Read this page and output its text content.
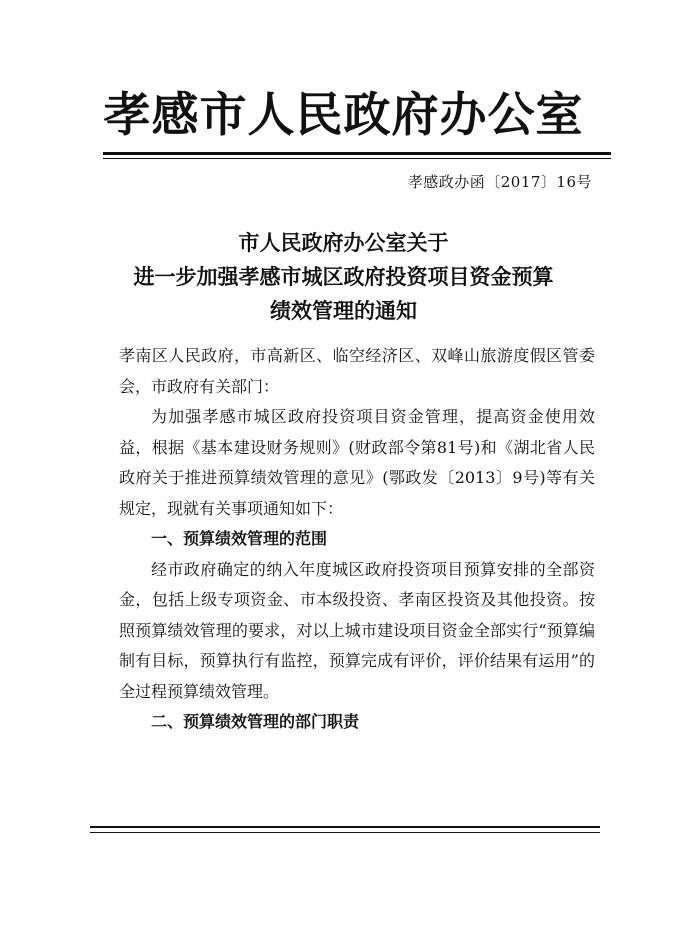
孝感市人民政府办公室
孝感政办函〔2017〕16号
市人民政府办公室关于
进一步加强孝感市城区政府投资项目资金预算
绩效管理的通知

孝南区人民政府，市高新区、临空经济区、双峰山旅游度假区管委会，市政府有关部门：

为加强孝感市城区政府投资项目资金管理，提高资金使用效益，根据《基本建设财务规则》(财政部令第81号)和《湖北省人民政府关于推进预算绩效管理的意见》(鄂政发〔2013〕9号)等有关规定，现就有关事项通知如下：

一、预算绩效管理的范围

经市政府确定的纳入年度城区政府投资项目预算安排的全部资金，包括上级专项资金、市本级投资、孝南区投资及其他投资。按照预算绩效管理的要求，对以上城市建设项目资金全部实行“预算编制有目标，预算执行有监控，预算完成有评价，评价结果有运用”的全过程预算绩效管理。

二、预算绩效管理的部门职责
